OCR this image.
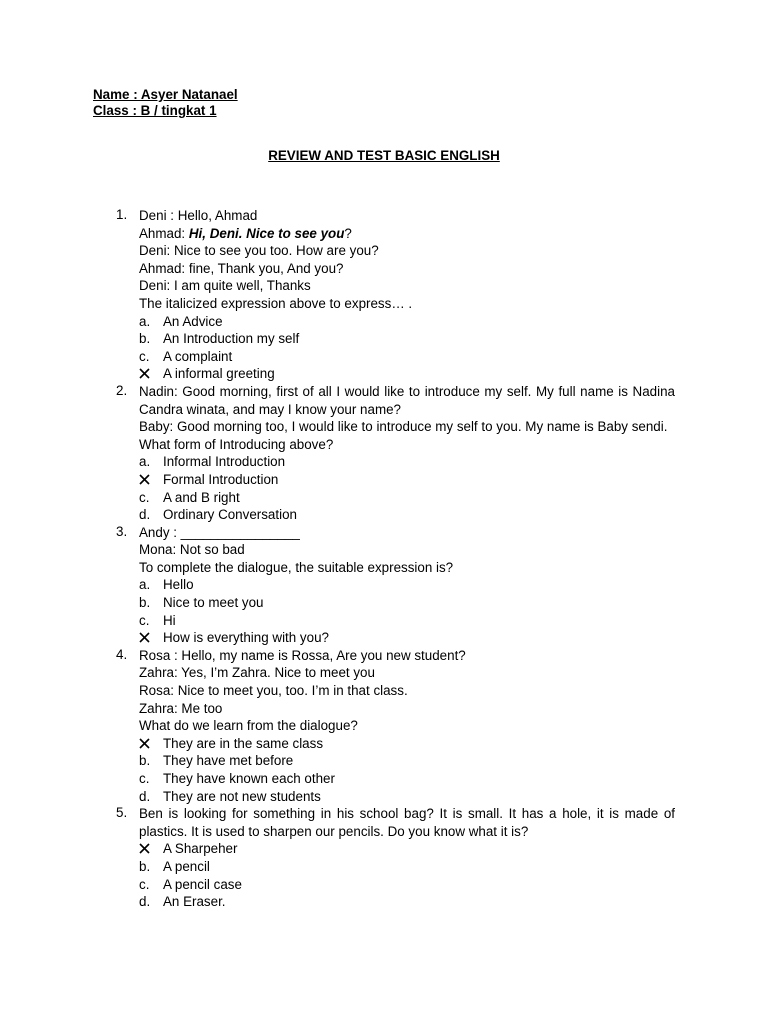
Name : Asyer Natanael
Class : B / tingkat 1
REVIEW AND TEST BASIC ENGLISH
1. Deni : Hello, Ahmad
Ahmad: Hi, Deni. Nice to see you?
Deni: Nice to see you too. How are you?
Ahmad: fine, Thank you, And you?
Deni: I am quite well, Thanks
The italicized expression above to express… .
a. An Advice
b. An Introduction my self
c. A complaint
A informal greeting
2. Nadin: Good morning, first of all I would like to introduce my self. My full name is Nadina Candra winata, and may I know your name?
Baby: Good morning too, I would like to introduce my self to you. My name is Baby sendi.
What form of Introducing above?
a. Informal Introduction
Formal Introduction
c. A and B right
d. Ordinary Conversation
3. Andy : ________________
Mona: Not so bad
To complete the dialogue, the suitable expression is?
a. Hello
b. Nice to meet you
c. Hi
How is everything with you?
4. Rosa : Hello, my name is Rossa, Are you new student?
Zahra: Yes, I’m Zahra. Nice to meet you
Rosa: Nice to meet you, too. I’m in that class.
Zahra: Me too
What do we learn from the dialogue?
They are in the same class
b. They have met before
c. They have known each other
d. They are not new students
5. Ben is looking for something in his school bag? It is small. It has a hole, it is made of plastics. It is used to sharpen our pencils. Do you know what it is?
A Sharpeher
b. A pencil
c. A pencil case
d. An Eraser.
